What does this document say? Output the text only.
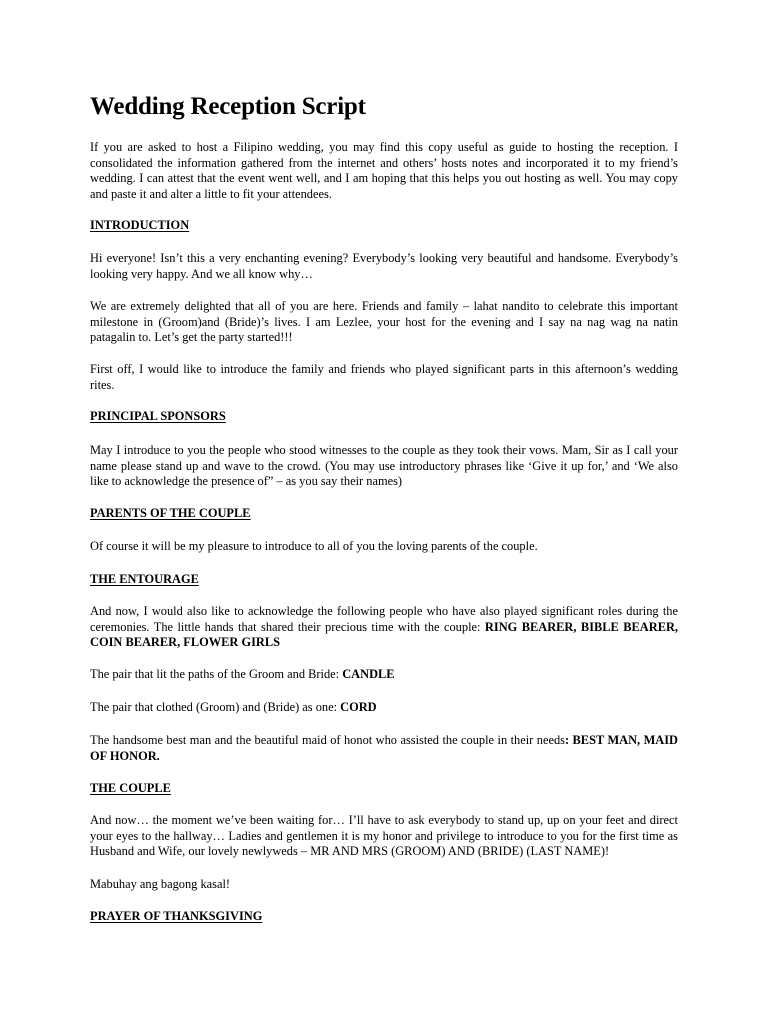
Wedding Reception Script

If you are asked to host a Filipino wedding, you may find this copy useful as guide to hosting the reception. I consolidated the information gathered from the internet and others’ hosts notes and incorporated it to my friend’s wedding. I can attest that the event went well, and I am hoping that this helps you out hosting as well. You may copy and paste it and alter a little to fit your attendees.

INTRODUCTION

Hi everyone! Isn’t this a very enchanting evening? Everybody’s looking very beautiful and handsome. Everybody’s looking very happy. And we all know why…

We are extremely delighted that all of you are here. Friends and family – lahat nandito to celebrate this important milestone in (Groom)and (Bride)’s lives. I am Lezlee, your host for the evening and I say na nag wag na natin patagalin to. Let’s get the party started!!!

First off, I would like to introduce the family and friends who played significant parts in this afternoon’s wedding rites.

PRINCIPAL SPONSORS

May I introduce to you the people who stood witnesses to the couple as they took their vows. Mam, Sir as I call your name please stand up and wave to the crowd. (You may use introductory phrases like ‘Give it up for,’ and ‘We also like to acknowledge the presence of” – as you say their names)

PARENTS OF THE COUPLE

Of course it will be my pleasure to introduce to all of you the loving parents of the couple.

THE ENTOURAGE

And now, I would also like to acknowledge the following people who have also played significant roles during the ceremonies. The little hands that shared their precious time with the couple: RING BEARER, BIBLE BEARER, COIN BEARER, FLOWER GIRLS

The pair that lit the paths of the Groom and Bride: CANDLE

The pair that clothed (Groom) and (Bride) as one: CORD

The handsome best man and the beautiful maid of honot who assisted the couple in their needs: BEST MAN, MAID OF HONOR.

THE COUPLE

And now… the moment we’ve been waiting for… I’ll have to ask everybody to stand up, up on your feet and direct your eyes to the hallway… Ladies and gentlemen it is my honor and privilege to introduce to you for the first time as Husband and Wife, our lovely newlyweds – MR AND MRS (GROOM) AND (BRIDE) (LAST NAME)!

Mabuhay ang bagong kasal!

PRAYER OF THANKSGIVING
